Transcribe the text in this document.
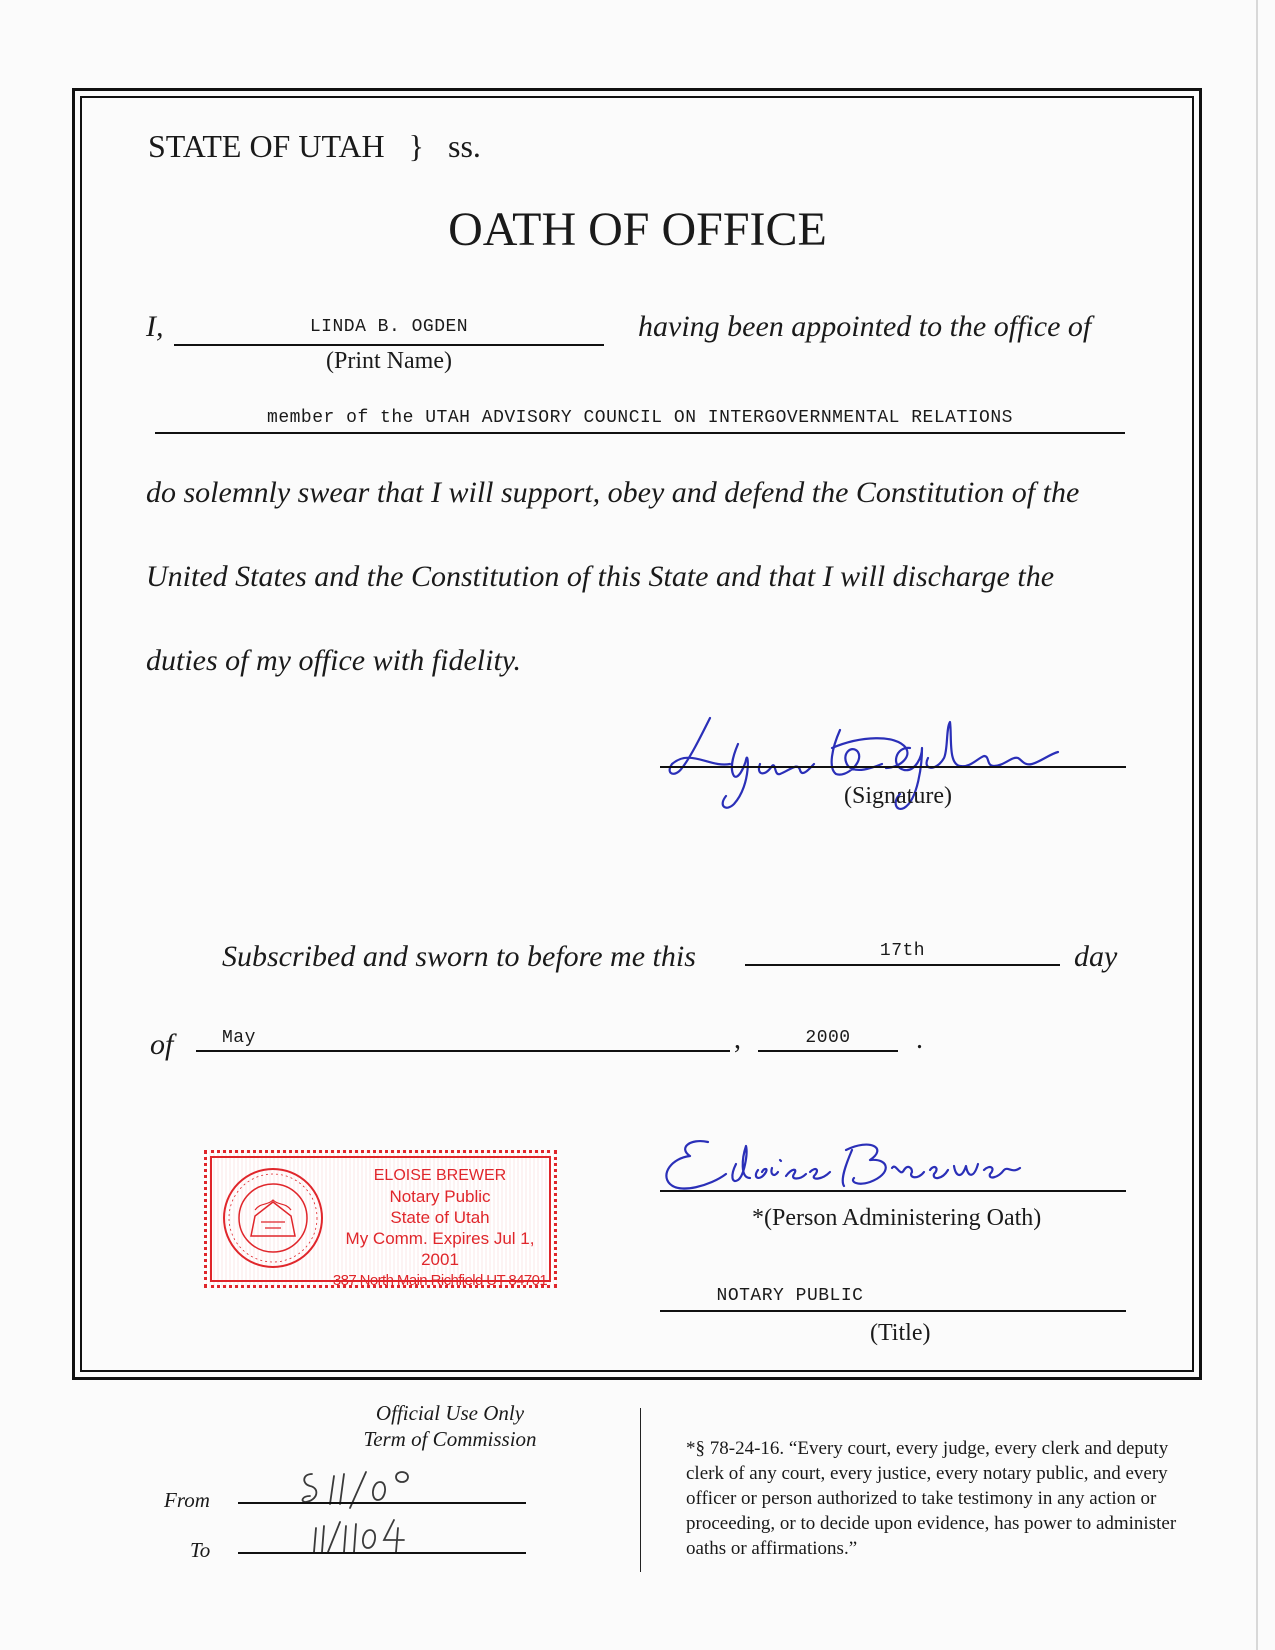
STATE OF UTAH } ss.
OATH OF OFFICE
I,	LINDA B. OGDEN
(Print Name)
having been appointed to the office of
member of the UTAH ADVISORY COUNCIL ON INTERGOVERNMENTAL RELATIONS
do solemnly swear that I will support, obey and defend the Constitution of the
United States and the Constitution of this State and that I will discharge the
duties of my office with fidelity.
(Signature)
Subscribed and sworn to before me this	17th	day
of	May	,	2000	.
ELOISE BREWER
Notary Public
State of Utah
My Comm. Expires Jul 1, 2001
387 North Main Richfield UT 84701
*(Person Administering Oath)
NOTARY PUBLIC
(Title)
Official Use Only
Term of Commission
From
To
*§ 78-24-16. “Every court, every judge, every clerk and deputy clerk of any court, every justice, every notary public, and every officer or person authorized to take testimony in any action or proceeding, or to decide upon evidence, has power to administer oaths or affirmations.”
